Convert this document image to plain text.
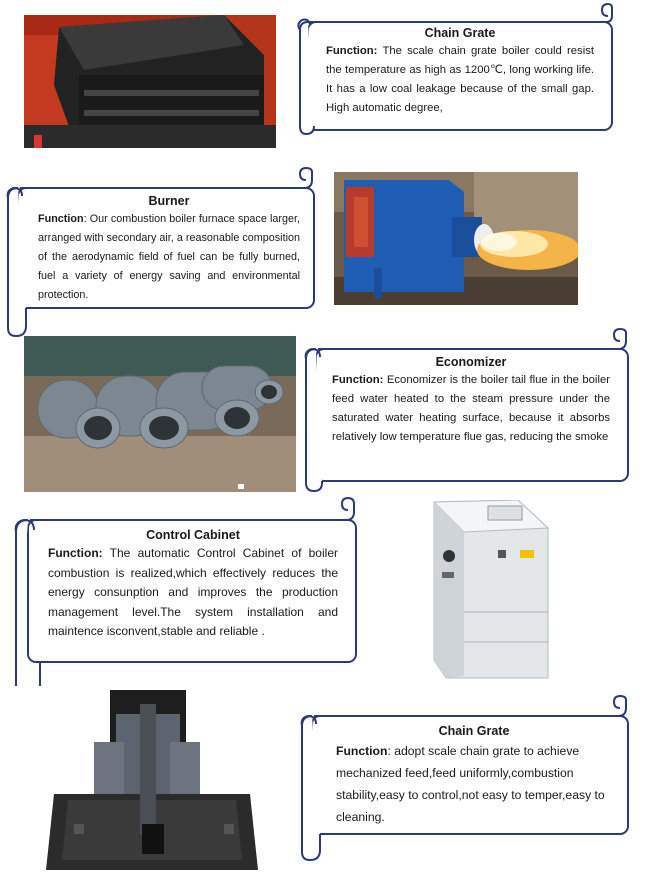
Chain Grate
Function: The scale chain grate boiler could resist the temperature as high as 1200℃, long working life. It has a low coal leakage because of the small gap. High automatic degree,
Burner
Function: Our combustion boiler furnace space larger, arranged with secondary air, a reasonable composition of the aerodynamic field of fuel can be fully burned, fuel a variety of energy saving and environmental protection.
Economizer
Function: Economizer is the boiler tail flue in the boiler feed water heated to the steam pressure under the saturated water heating surface, because it absorbs relatively low temperature flue gas, reducing the smoke
Control Cabinet
Function: The automatic Control Cabinet of boiler combustion is realized,which effectively reduces the energy consunption and improves the production management level.The system installation and maintence isconvent,stable and reliable .
Chain Grate
Function: adopt scale chain grate to achieve mechanized feed,feed uniformly,combustion stability,easy to control,not easy to temper,easy to cleaning.
